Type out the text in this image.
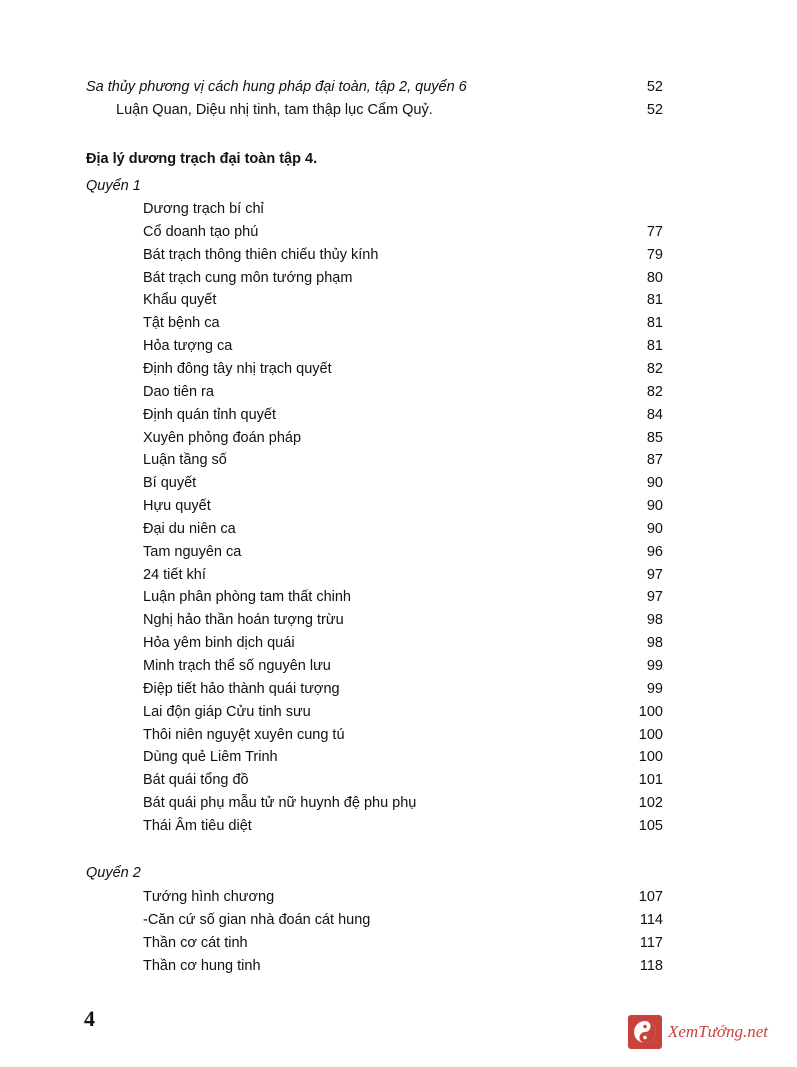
Sa thủy phương vị cách hung pháp đại toàn, tập 2, quyển 6	52
Luận Quan, Diệu nhị tinh, tam thập lục Cẩm Quỷ.	52
Địa lý dương trạch đại toàn tập 4.
Quyển 1
Dương trạch bí chỉ
Cổ doanh tạo phú	77
Bát trạch thông thiên chiếu thủy kính	79
Bát trạch cung môn tướng phạm	80
Khẩu quyết	81
Tật bệnh ca	81
Hỏa tượng ca	81
Định đông tây nhị trạch quyết	82
Dao tiên ra	82
Định quán tỉnh quyết	84
Xuyên phỏng đoán pháp	85
Luận tầng số	87
Bí quyết	90
Hựu quyết	90
Đại du niên ca	90
Tam nguyên ca	96
24 tiết khí	97
Luận phân phòng tam thất chinh	97
Nghị hảo thần hoán tượng trừu	98
Hỏa yêm binh dịch quái	98
Minh trạch thể số nguyên lưu	99
Điệp tiết hảo thành quái tượng	99
Lai độn giáp Cửu tinh sưu	100
Thôi niên nguyệt xuyên cung tú	100
Dùng quẻ Liêm Trinh	100
Bát quái tổng đồ	101
Bát quái phụ mẫu tử nữ huynh đệ phu phụ	102
Thái Âm tiêu diệt	105
Quyển 2
Tướng hình chương	107
-Căn cứ số gian nhà đoán cát hung	114
Thần cơ cát tinh	117
Thần cơ hung tinh	118
4
XemTướng.net
